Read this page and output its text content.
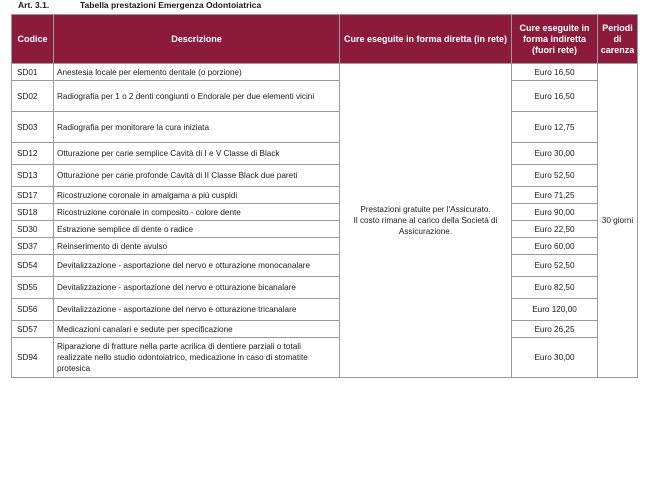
Art. 3.1.	Tabella prestazioni Emergenza Odontoiatrica
Codice	Descrizione	Cure eseguite in forma diretta (in rete)	Cure eseguite in forma indiretta (fuori rete)	Periodi di carenza
SD01	Anestesia locale per elemento dentale (o porzione)	Prestazioni gratuite per l'Assicurato.
Il costo rimane al carico della Società di Assicurazione.	Euro 16,50	30 giorni
SD02	Radiografia per 1 o 2 denti congiunti o Endorale per due elementi vicini		Euro 16,50	
SD03	Radiografia per monitorare la cura iniziata		Euro 12,75	
SD12	Otturazione per carie semplice Cavità di I e V Classe di Black		Euro 30,00	
SD13	Otturazione per carie profonde Cavità di II Classe Black due pareti		Euro 52,50	
SD17	Ricostruzione coronale in amalgama a più cuspidi		Euro 71,25	
SD18	Ricostruzione coronale in composito - colore dente		Euro 90,00	
SD30	Estrazione semplice di dente o radice		Euro 22,50	
SD37	Reinserimento di dente avulso		Euro 60,00	
SD54	Devitalizzazione - asportazione del nervo e otturazione monocanalare		Euro 52,50	
SD55	Devitalizzazione - asportazione del nervo e otturazione bicanalare		Euro 82,50	
SD56	Devitalizzazione - asportazione del nervo e otturazione tricanalare		Euro 120,00	
SD57	Medicazioni canalari e sedute per specificazione		Euro 26,25	
SD94	Riparazione di fratture nella parte acrilica di dentiere parziali o totali realizzate nello studio odontoiatrico, medicazione in caso di stomatite protesica		Euro 30,00	
